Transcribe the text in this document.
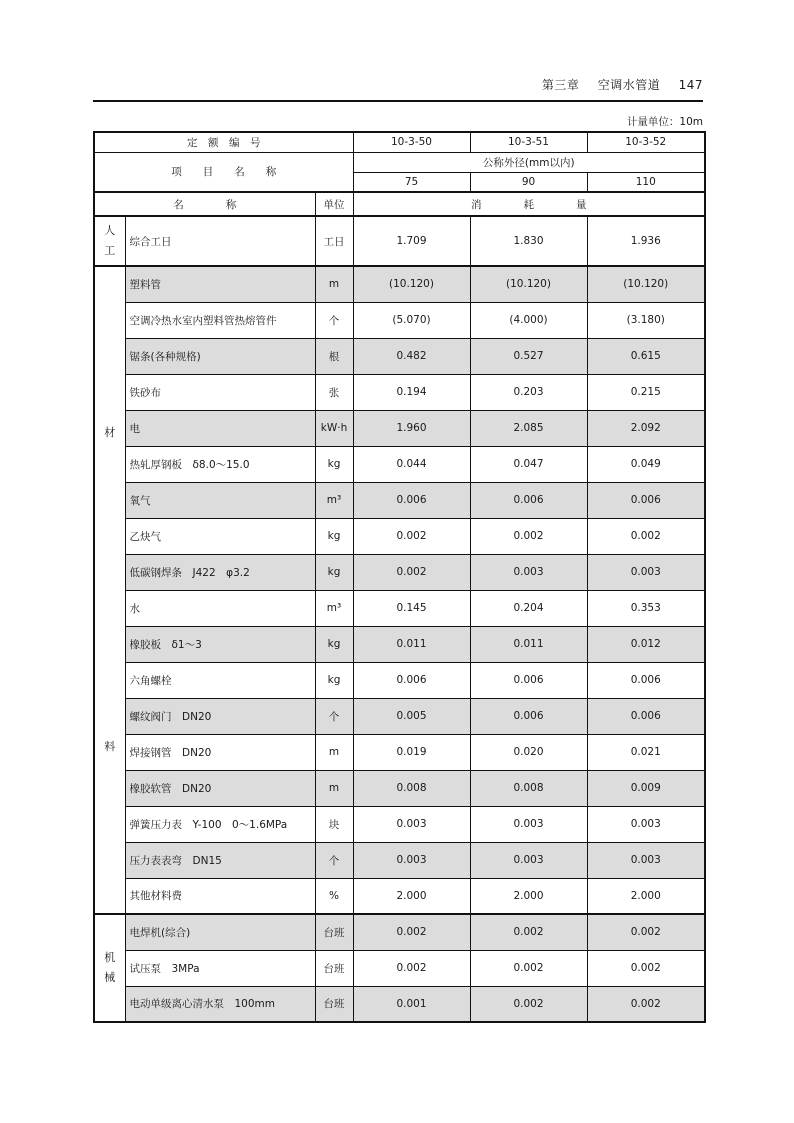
第三章 空调水管道 147
计量单位：10m
定　额　编　号			10-3-50	10-3-51	10-3-52
项　　目　　名　　称			公称外径(mm以内)		
			75	90	110
名　　　　称		单位	消　　　　耗　　　　量		

人
工	综合工日	工日	1.709	1.830	1.936

材
料	塑料管	m	(10.120)	(10.120)	(10.120)
	空调冷热水室内塑料管热熔管件	个	(5.070)	(4.000)	(3.180)
	锯条(各种规格)	根	0.482	0.527	0.615
	铁砂布	张	0.194	0.203	0.215
	电	kW·h	1.960	2.085	2.092
	热轧厚钢板　δ8.0～15.0	kg	0.044	0.047	0.049
	氧气	m³	0.006	0.006	0.006
	乙炔气	kg	0.002	0.002	0.002
	低碳钢焊条　J422　φ3.2	kg	0.002	0.003	0.003
	水	m³	0.145	0.204	0.353
	橡胶板　δ1～3	kg	0.011	0.011	0.012
	六角螺栓	kg	0.006	0.006	0.006
	螺纹阀门　DN20	个	0.005	0.006	0.006
	焊接钢管　DN20	m	0.019	0.020	0.021
	橡胶软管　DN20	m	0.008	0.008	0.009
	弹簧压力表　Y-100　0～1.6MPa	块	0.003	0.003	0.003
	压力表表弯　DN15	个	0.003	0.003	0.003
	其他材料费	%	2.000	2.000	2.000

机
械	电焊机(综合)	台班	0.002	0.002	0.002
	试压泵　3MPa	台班	0.002	0.002	0.002
	电动单级离心清水泵　100mm	台班	0.001	0.002	0.002
